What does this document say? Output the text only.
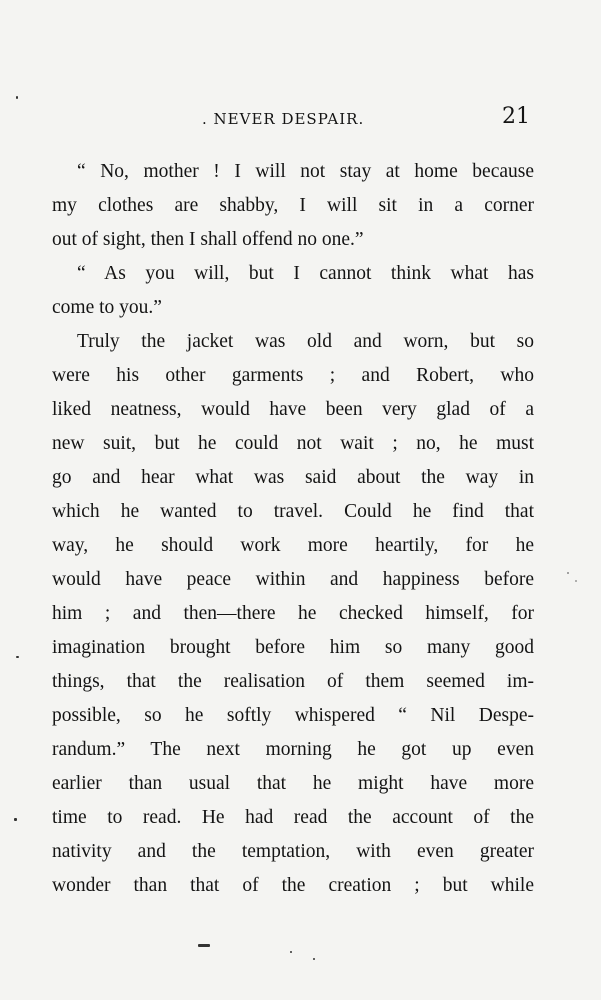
. NEVER DESPAIR.	21
“ No, mother ! I will not stay at home because
my clothes are shabby, I will sit in a corner
out of sight, then I shall offend no one.”
“ As you will, but I cannot think what has
come to you.”
Truly the jacket was old and worn, but so
were his other garments ; and Robert, who
liked neatness, would have been very glad of a
new suit, but he could not wait ; no, he must
go and hear what was said about the way in
which he wanted to travel. Could he find that
way, he should work more heartily, for he
would have peace within and happiness before
him ; and then—there he checked himself, for
imagination brought before him so many good
things, that the realisation of them seemed im-
possible, so he softly whispered “ Nil Despe-
randum.” The next morning he got up even
earlier than usual that he might have more
time to read. He had read the account of the
nativity and the temptation, with even greater
wonder than that of the creation ; but while
